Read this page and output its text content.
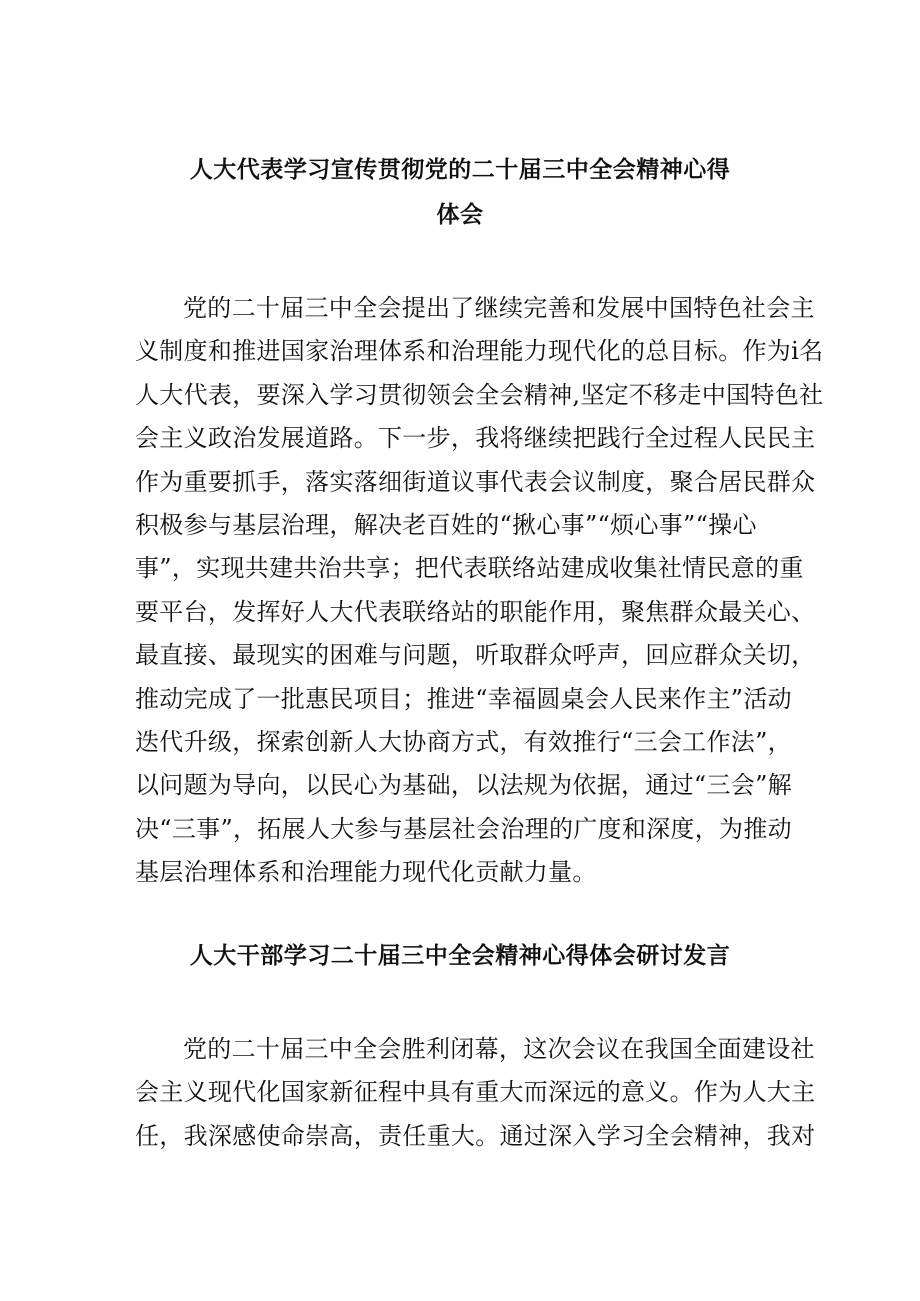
人大代表学习宣传贯彻党的二十届三中全会精神心得
体会
党的二十届三中全会提出了继续完善和发展中国特色社会主
义制度和推进国家治理体系和治理能力现代化的总目标。作为i名
人大代表，要深入学习贯彻领会全会精神,坚定不移走中国特色社
会主义政治发展道路。下一步，我将继续把践行全过程人民民主
作为重要抓手，落实落细街道议事代表会议制度，聚合居民群众
积极参与基层治理，解决老百姓的“揪心事”“烦心事”“操心
事”，实现共建共治共享；把代表联络站建成收集社情民意的重
要平台，发挥好人大代表联络站的职能作用，聚焦群众最关心、
最直接、最现实的困难与问题，听取群众呼声，回应群众关切，
推动完成了一批惠民项目；推进“幸福圆桌会人民来作主”活动
迭代升级，探索创新人大协商方式，有效推行“三会工作法”，
以问题为导向，以民心为基础，以法规为依据，通过“三会”解
决“三事”，拓展人大参与基层社会治理的广度和深度，为推动
基层治理体系和治理能力现代化贡献力量。
人大干部学习二十届三中全会精神心得体会研讨发言
党的二十届三中全会胜利闭幕，这次会议在我国全面建设社
会主义现代化国家新征程中具有重大而深远的意义。作为人大主
任，我深感使命崇高，责任重大。通过深入学习全会精神，我对
